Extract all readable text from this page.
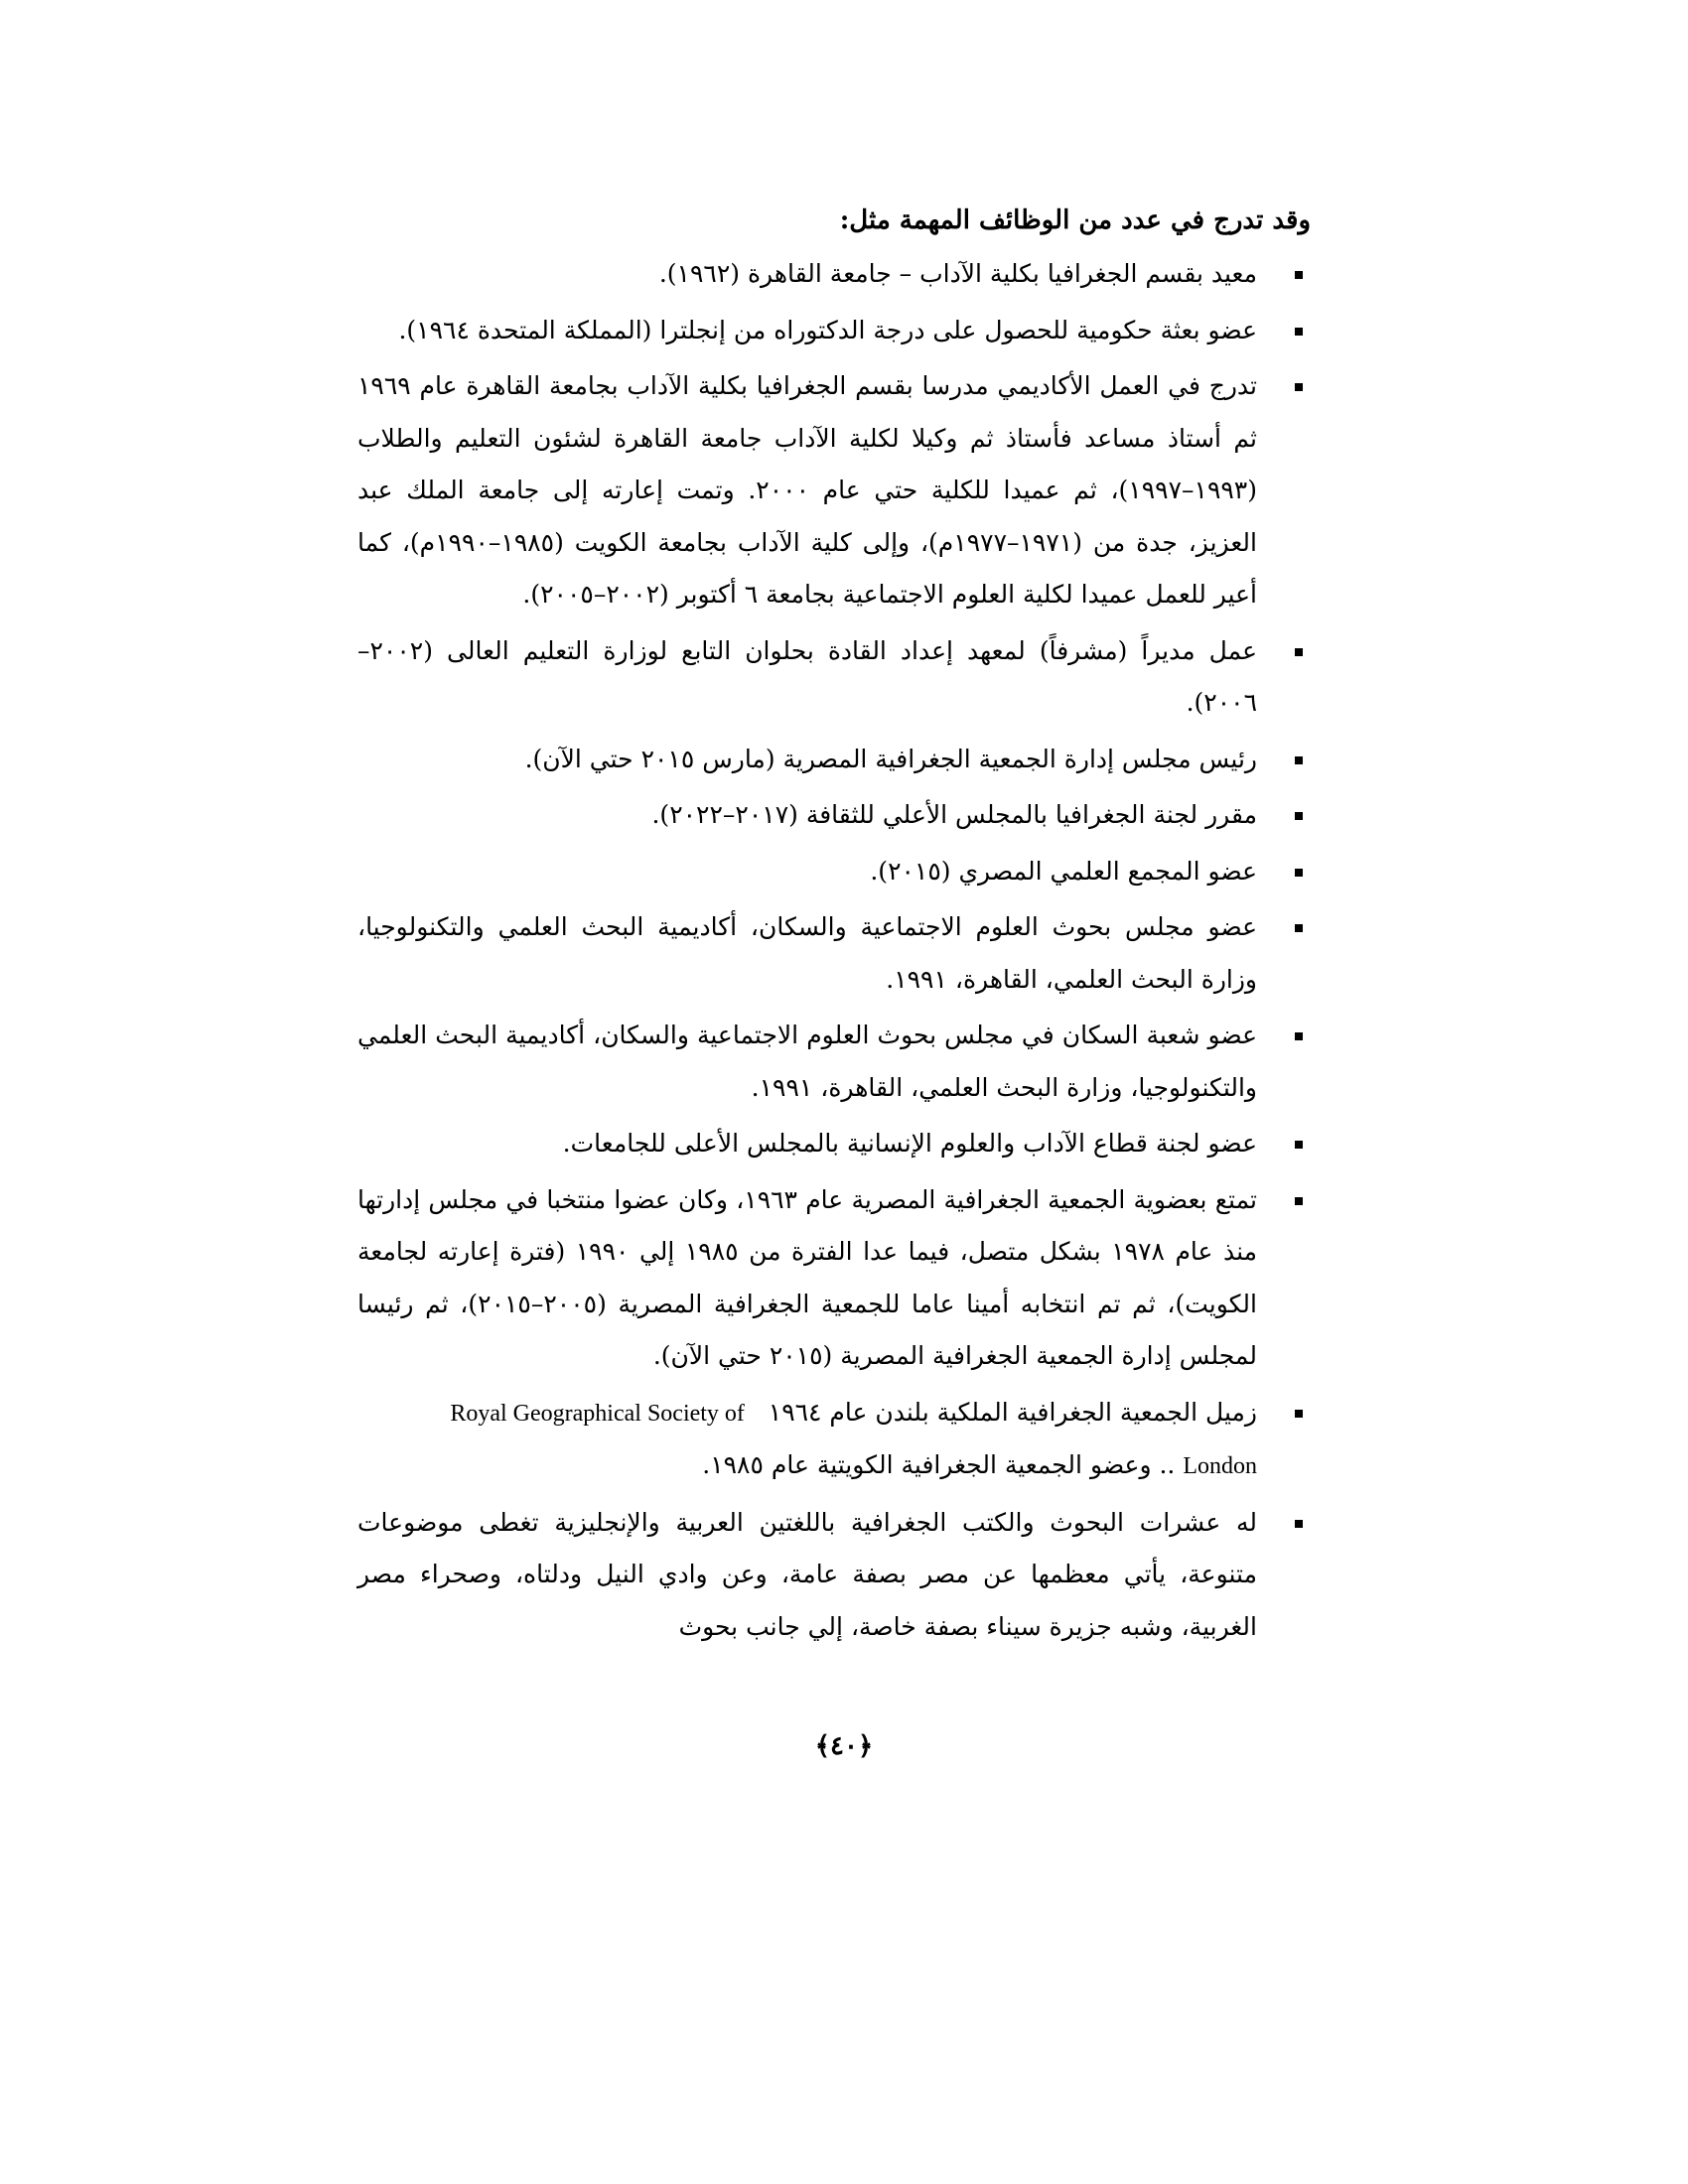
وقد تدرج في عدد من الوظائف المهمة مثل:
معيد بقسم الجغرافيا بكلية الآداب – جامعة القاهرة (١٩٦٢).
عضو بعثة حكومية للحصول على درجة الدكتوراه من إنجلترا (المملكة المتحدة ١٩٦٤).
تدرج في العمل الأكاديمي مدرسا بقسم الجغرافيا بكلية الآداب بجامعة القاهرة عام ١٩٦٩ ثم أستاذ مساعد فأستاذ ثم وكيلا لكلية الآداب جامعة القاهرة لشئون التعليم والطلاب (١٩٩٣–١٩٩٧)، ثم عميدا للكلية حتي عام ٢٠٠٠. وتمت إعارته إلى جامعة الملك عبد العزيز، جدة من (١٩٧١–١٩٧٧م)، وإلى كلية الآداب بجامعة الكويت (١٩٨٥–١٩٩٠م)، كما أعير للعمل عميدا لكلية العلوم الاجتماعية بجامعة ٦ أكتوبر (٢٠٠٢–٢٠٠٥).
عمل مديراً (مشرفاً) لمعهد إعداد القادة بحلوان التابع لوزارة التعليم العالى (٢٠٠٢–٢٠٠٦).
رئيس مجلس إدارة الجمعية الجغرافية المصرية (مارس ٢٠١٥ حتي الآن).
مقرر لجنة الجغرافيا بالمجلس الأعلي للثقافة (٢٠١٧–٢٠٢٢).
عضو المجمع العلمي المصري (٢٠١٥).
عضو مجلس بحوث العلوم الاجتماعية والسكان، أكاديمية البحث العلمي والتكنولوجيا، وزارة البحث العلمي، القاهرة، ١٩٩١.
عضو شعبة السكان في مجلس بحوث العلوم الاجتماعية والسكان، أكاديمية البحث العلمي والتكنولوجيا، وزارة البحث العلمي، القاهرة، ١٩٩١.
عضو لجنة قطاع الآداب والعلوم الإنسانية بالمجلس الأعلى للجامعات.
تمتع بعضوية الجمعية الجغرافية المصرية عام ١٩٦٣، وكان عضوا منتخبا في مجلس إدارتها منذ عام ١٩٧٨ بشكل متصل، فيما عدا الفترة من ١٩٨٥ إلي ١٩٩٠ (فترة إعارته لجامعة الكويت)، ثم تم انتخابه أمينا عاما للجمعية الجغرافية المصرية (٢٠٠٥–٢٠١٥)، ثم رئيسا لمجلس إدارة الجمعية الجغرافية المصرية (٢٠١٥ حتي الآن).
زميل الجمعية الجغرافية الملكية بلندن عام ١٩٦٤   Royal Geographical Society of
London .. وعضو الجمعية الجغرافية الكويتية عام ١٩٨٥.
له عشرات البحوث والكتب الجغرافية باللغتين العربية والإنجليزية تغطى موضوعات متنوعة، يأتي معظمها عن مصر بصفة عامة، وعن وادي النيل ودلتاه، وصحراء مصر الغربية، وشبه جزيرة سيناء بصفة خاصة، إلي جانب بحوث
﴿٤٠﴾
